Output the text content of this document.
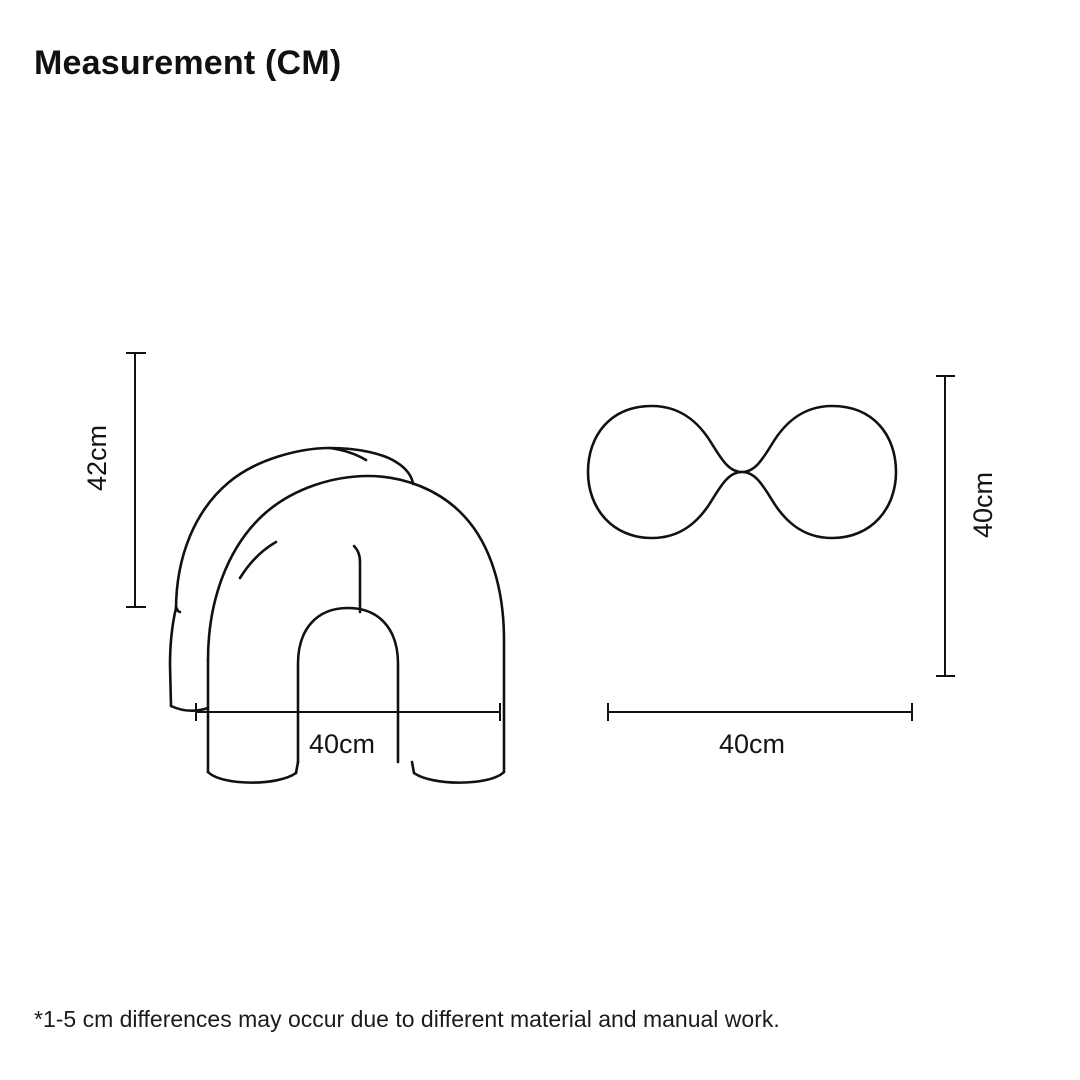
Measurement (CM)
42cm
40cm
40cm
40cm
*1-5 cm differences may occur due to different material and manual work.
